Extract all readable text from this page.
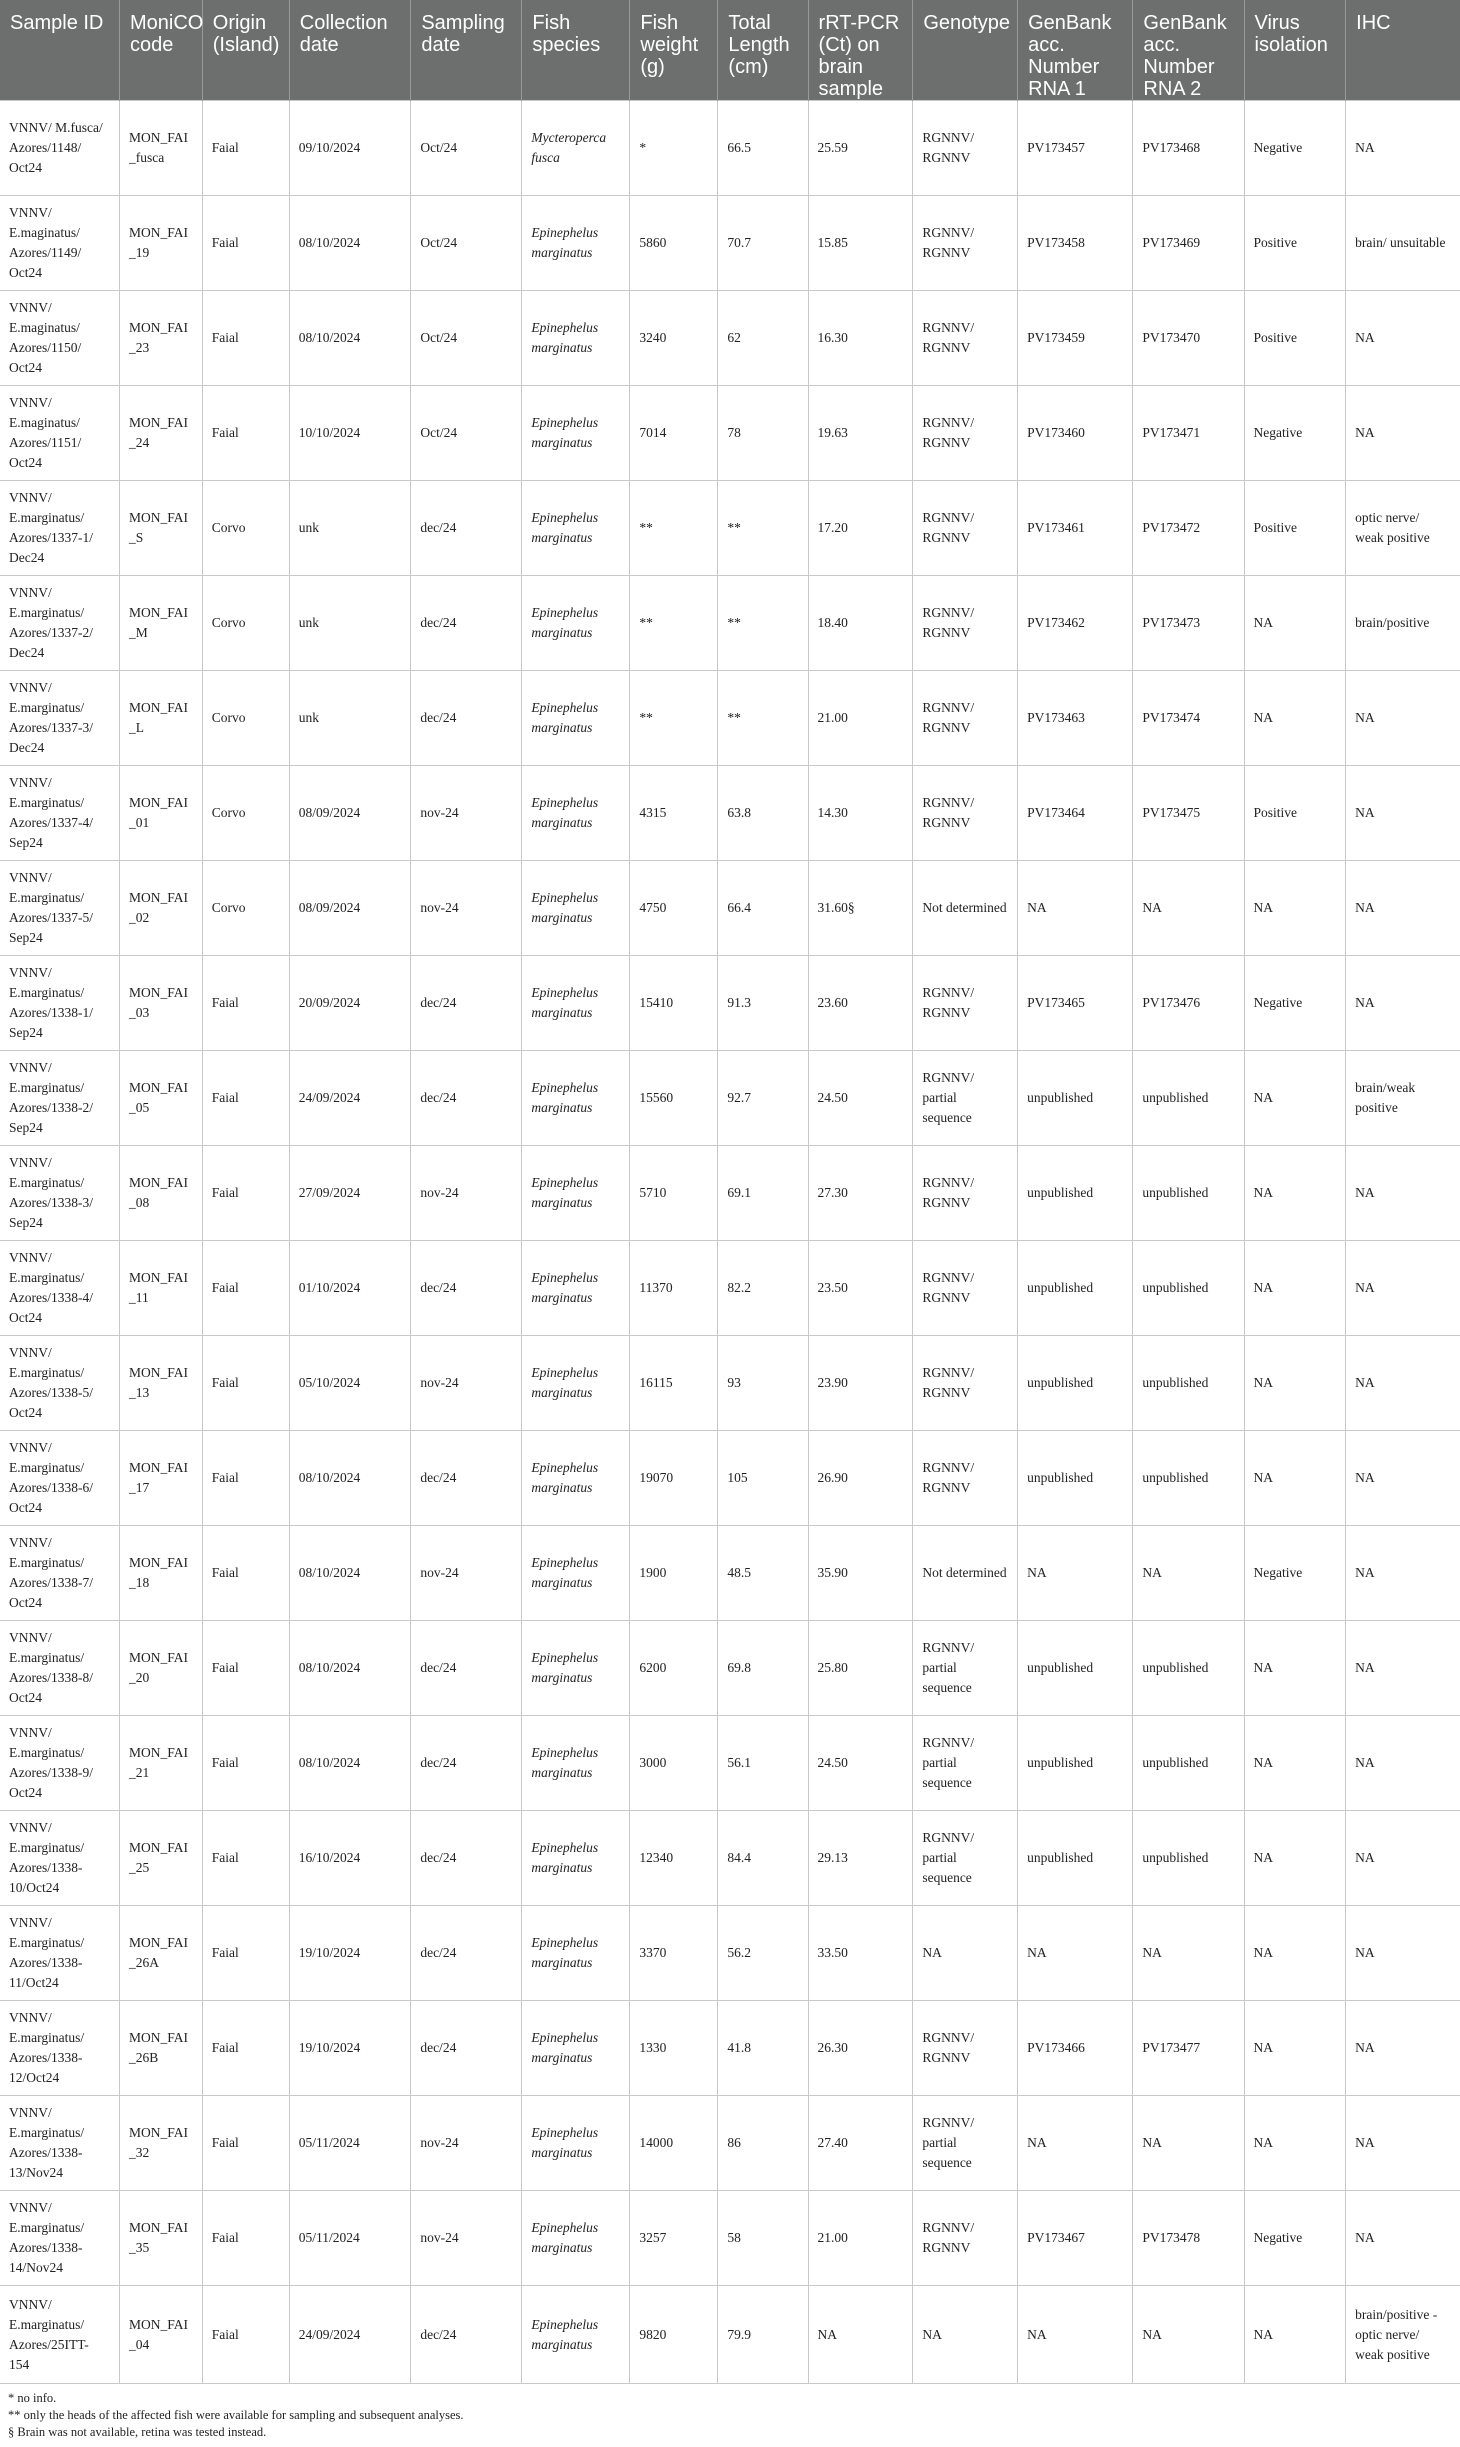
Sample ID	MoniCO code	Origin (Island)	Collection date	Sampling date	Fish species	Fish weight (g)	Total Length (cm)	rRT-PCR (Ct) on brain sample	Genotype	GenBank acc. Number RNA 1	GenBank acc. Number RNA 2	Virus isolation	IHC
VNNV/ M.fusca/ Azores/1148/ Oct24	MON_FAI_fusca	Faial	09/10/2024	Oct/24	Mycteroperca fusca	*	66.5	25.59	RGNNV/ RGNNV	PV173457	PV173468	Negative	NA
VNNV/ E.maginatus/ Azores/1149/ Oct24	MON_FAI_19	Faial	08/10/2024	Oct/24	Epinephelus marginatus	5860	70.7	15.85	RGNNV/ RGNNV	PV173458	PV173469	Positive	brain/ unsuitable
VNNV/ E.maginatus/ Azores/1150/ Oct24	MON_FAI_23	Faial	08/10/2024	Oct/24	Epinephelus marginatus	3240	62	16.30	RGNNV/ RGNNV	PV173459	PV173470	Positive	NA
VNNV/ E.maginatus/ Azores/1151/ Oct24	MON_FAI_24	Faial	10/10/2024	Oct/24	Epinephelus marginatus	7014	78	19.63	RGNNV/ RGNNV	PV173460	PV173471	Negative	NA
VNNV/ E.marginatus/ Azores/1337-1/ Dec24	MON_FAI_S	Corvo	unk	dec/24	Epinephelus marginatus	**	**	17.20	RGNNV/ RGNNV	PV173461	PV173472	Positive	optic nerve/ weak positive
VNNV/ E.marginatus/ Azores/1337-2/ Dec24	MON_FAI_M	Corvo	unk	dec/24	Epinephelus marginatus	**	**	18.40	RGNNV/ RGNNV	PV173462	PV173473	NA	brain/positive
VNNV/ E.marginatus/ Azores/1337-3/ Dec24	MON_FAI_L	Corvo	unk	dec/24	Epinephelus marginatus	**	**	21.00	RGNNV/ RGNNV	PV173463	PV173474	NA	NA
VNNV/ E.marginatus/ Azores/1337-4/ Sep24	MON_FAI_01	Corvo	08/09/2024	nov-24	Epinephelus marginatus	4315	63.8	14.30	RGNNV/ RGNNV	PV173464	PV173475	Positive	NA
VNNV/ E.marginatus/ Azores/1337-5/ Sep24	MON_FAI_02	Corvo	08/09/2024	nov-24	Epinephelus marginatus	4750	66.4	31.60§	Not determined	NA	NA	NA	NA
VNNV/ E.marginatus/ Azores/1338-1/ Sep24	MON_FAI_03	Faial	20/09/2024	dec/24	Epinephelus marginatus	15410	91.3	23.60	RGNNV/ RGNNV	PV173465	PV173476	Negative	NA
VNNV/ E.marginatus/ Azores/1338-2/ Sep24	MON_FAI_05	Faial	24/09/2024	dec/24	Epinephelus marginatus	15560	92.7	24.50	RGNNV/ partial sequence	unpublished	unpublished	NA	brain/weak positive
VNNV/ E.marginatus/ Azores/1338-3/ Sep24	MON_FAI_08	Faial	27/09/2024	nov-24	Epinephelus marginatus	5710	69.1	27.30	RGNNV/ RGNNV	unpublished	unpublished	NA	NA
VNNV/ E.marginatus/ Azores/1338-4/ Oct24	MON_FAI_11	Faial	01/10/2024	dec/24	Epinephelus marginatus	11370	82.2	23.50	RGNNV/ RGNNV	unpublished	unpublished	NA	NA
VNNV/ E.marginatus/ Azores/1338-5/ Oct24	MON_FAI_13	Faial	05/10/2024	nov-24	Epinephelus marginatus	16115	93	23.90	RGNNV/ RGNNV	unpublished	unpublished	NA	NA
VNNV/ E.marginatus/ Azores/1338-6/ Oct24	MON_FAI_17	Faial	08/10/2024	dec/24	Epinephelus marginatus	19070	105	26.90	RGNNV/ RGNNV	unpublished	unpublished	NA	NA
VNNV/ E.marginatus/ Azores/1338-7/ Oct24	MON_FAI_18	Faial	08/10/2024	nov-24	Epinephelus marginatus	1900	48.5	35.90	Not determined	NA	NA	Negative	NA
VNNV/ E.marginatus/ Azores/1338-8/ Oct24	MON_FAI_20	Faial	08/10/2024	dec/24	Epinephelus marginatus	6200	69.8	25.80	RGNNV/ partial sequence	unpublished	unpublished	NA	NA
VNNV/ E.marginatus/ Azores/1338-9/ Oct24	MON_FAI_21	Faial	08/10/2024	dec/24	Epinephelus marginatus	3000	56.1	24.50	RGNNV/ partial sequence	unpublished	unpublished	NA	NA
VNNV/ E.marginatus/ Azores/1338- 10/Oct24	MON_FAI_25	Faial	16/10/2024	dec/24	Epinephelus marginatus	12340	84.4	29.13	RGNNV/ partial sequence	unpublished	unpublished	NA	NA
VNNV/ E.marginatus/ Azores/1338- 11/Oct24	MON_FAI_26A	Faial	19/10/2024	dec/24	Epinephelus marginatus	3370	56.2	33.50	NA	NA	NA	NA	NA
VNNV/ E.marginatus/ Azores/1338- 12/Oct24	MON_FAI_26B	Faial	19/10/2024	dec/24	Epinephelus marginatus	1330	41.8	26.30	RGNNV/ RGNNV	PV173466	PV173477	NA	NA
VNNV/ E.marginatus/ Azores/1338- 13/Nov24	MON_FAI_32	Faial	05/11/2024	nov-24	Epinephelus marginatus	14000	86	27.40	RGNNV/ partial sequence	NA	NA	NA	NA
VNNV/ E.marginatus/ Azores/1338- 14/Nov24	MON_FAI_35	Faial	05/11/2024	nov-24	Epinephelus marginatus	3257	58	21.00	RGNNV/ RGNNV	PV173467	PV173478	Negative	NA
VNNV/ E.marginatus/ Azores/25ITT- 154	MON_FAI_04	Faial	24/09/2024	dec/24	Epinephelus marginatus	9820	79.9	NA	NA	NA	NA	NA	brain/positive - optic nerve/ weak positive
* no info.
** only the heads of the affected fish were available for sampling and subsequent analyses.
§ Brain was not available, retina was tested instead.
